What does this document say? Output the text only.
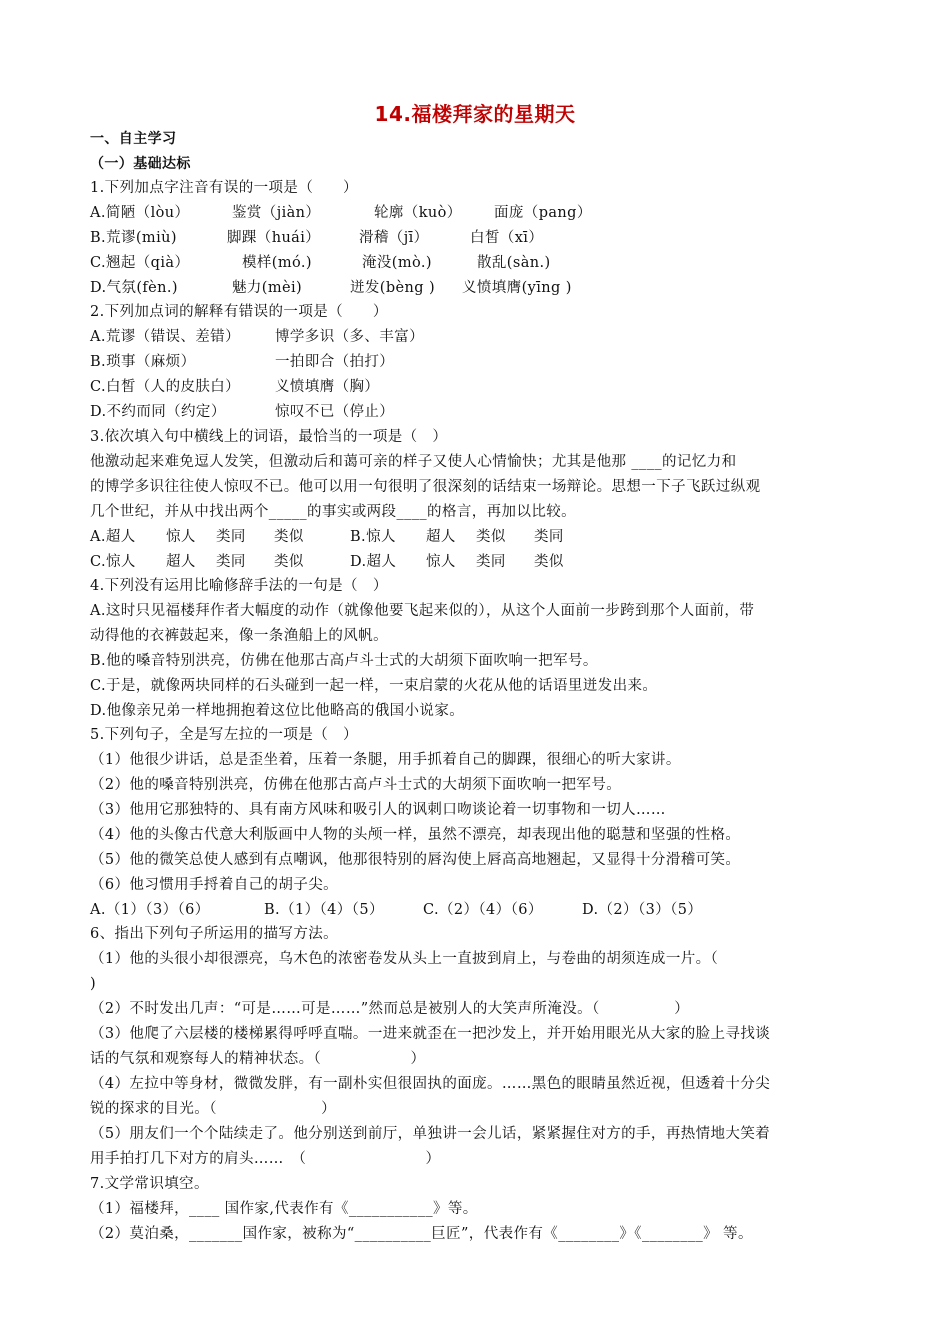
14.福楼拜家的星期天
一、自主学习
（一）基础达标
1.下列加点字注音有误的一项是（　　）
A.简陋（lòu）	鉴赏（jiàn）	轮廓（kuò） 面庞（pang）
B.荒谬(miù)	脚踝（huái）	滑稽（jī）	白皙（xī）
C.翘起（qià）	模样(mó.)	淹没(mò.)	散乱(sàn.)
D.气氛(fèn.)	魅力(mèi)	迸发(bèng ) 义愤填膺(yīng )
2.下列加点词的解释有错误的一项是（　　）
A.荒谬（错误、差错） 博学多识（多、丰富）
B.琐事（麻烦）	一拍即合（拍打）
C.白皙（人的皮肤白） 义愤填膺（胸）
D.不约而同（约定）	惊叹不已（停止）
3.依次填入句中横线上的词语，最恰当的一项是（　）
他激动起来难免逗人发笑，但激动后和蔼可亲的样子又使人心情愉快；尤其是他那 ____的记忆力和
的博学多识往往使人惊叹不已。他可以用一句很明了很深刻的话结束一场辩论。思想一下子飞跃过纵观
几个世纪，并从中找出两个_____的事实或两段____的格言，再加以比较。
A.超人 惊人 类同 类似	B.惊人 超人 类似 类同
C.惊人 超人 类同 类似	D.超人 惊人 类同 类似
4.下列没有运用比喻修辞手法的一句是（　）
A.这时只见福楼拜作者大幅度的动作（就像他要飞起来似的），从这个人面前一步跨到那个人面前，带
动得他的衣裤鼓起来，像一条渔船上的风帆。
B.他的嗓音特别洪亮，仿佛在他那古高卢斗士式的大胡须下面吹响一把军号。
C.于是，就像两块同样的石头碰到一起一样，一束启蒙的火花从他的话语里迸发出来。
D.他像亲兄弟一样地拥抱着这位比他略高的俄国小说家。
5.下列句子，全是写左拉的一项是（　）
（1）他很少讲话，总是歪坐着，压着一条腿，用手抓着自己的脚踝，很细心的听大家讲。
（2）他的嗓音特别洪亮，仿佛在他那古高卢斗士式的大胡须下面吹响一把军号。
（3）他用它那独特的、具有南方风味和吸引人的讽刺口吻谈论着一切事物和一切人……
（4）他的头像古代意大利版画中人物的头颅一样，虽然不漂亮，却表现出他的聪慧和坚强的性格。
（5）他的微笑总使人感到有点嘲讽，他那很特别的唇沟使上唇高高地翘起，又显得十分滑稽可笑。
（6）他习惯用手捋着自己的胡子尖。
A.（1）（3）（6）	B.（1）（4）（5）	C.（2）（4）（6）	D.（2）（3）（5）
6、指出下列句子所运用的描写方法。
（1）他的头很小却很漂亮，乌木色的浓密卷发从头上一直披到肩上，与卷曲的胡须连成一片。（
)
（2）不时发出几声：“可是……可是……”然而总是被别人的大笑声所淹没。（　　　　　）
（3）他爬了六层楼的楼梯累得呼呼直喘。一进来就歪在一把沙发上，并开始用眼光从大家的脸上寻找谈
话的气氛和观察每人的精神状态。（　　　　　　）
（4）左拉中等身材，微微发胖，有一副朴实但很固执的面庞。……黑色的眼睛虽然近视，但透着十分尖
锐的探求的目光。（　　　　　　　）
（5）朋友们一个个陆续走了。他分别送到前厅，单独讲一会儿话，紧紧握住对方的手，再热情地大笑着
用手拍打几下对方的肩头……　（　　　　　　　　）
7.文学常识填空。
（1）福楼拜，____ 国作家,代表作有《___________》等。
（2）莫泊桑，_______国作家，被称为“__________巨匠”，代表作有《________》《________》 等。
